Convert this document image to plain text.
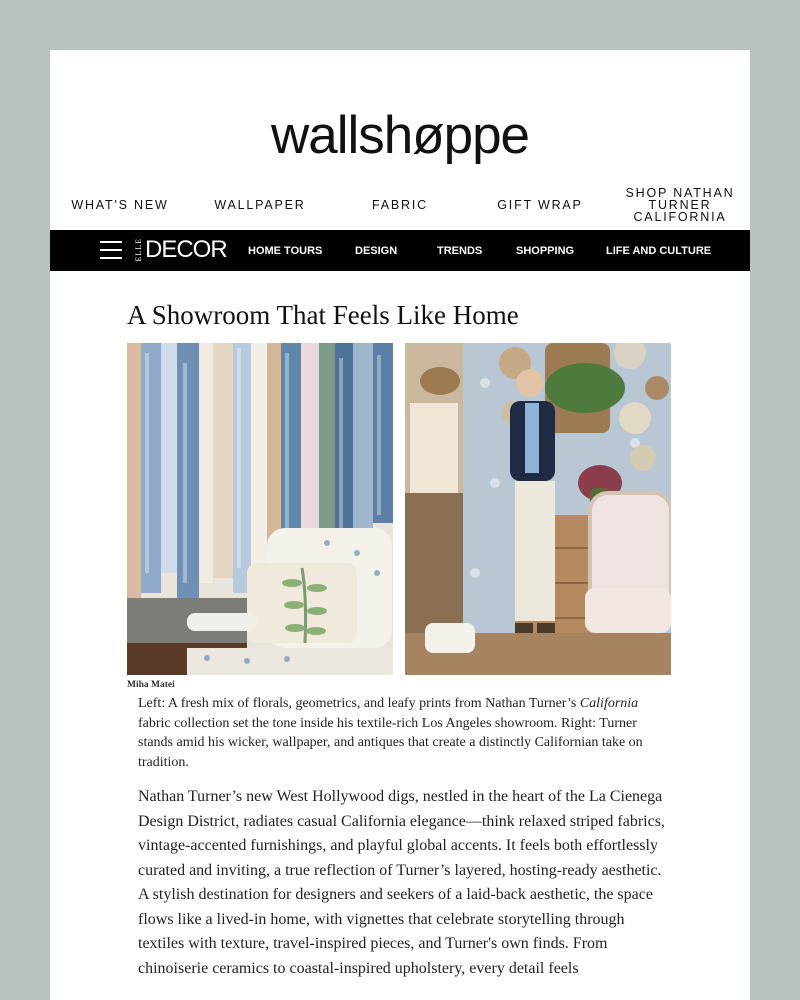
wallshøppe
WHAT'S NEW	WALLPAPER	FABRIC	GIFT WRAP
SHOP NATHAN TURNER CALIFORNIA
ELLE DECOR HOME TOURS	DESIGN	TRENDS	SHOPPING	LIFE AND CULTURE
A Showroom That Feels Like Home
Miha Matei
Left: A fresh mix of florals, geometrics, and leafy prints from Nathan Turner’s California fabric collection set the tone inside his textile-rich Los Angeles showroom. Right: Turner stands amid his wicker, wallpaper, and antiques that create a distinctly Californian take on tradition.
Nathan Turner’s new West Hollywood digs, nestled in the heart of the La Cienega Design District, radiates casual California elegance—think relaxed striped fabrics, vintage-accented furnishings, and playful global accents. It feels both effortlessly curated and inviting, a true reflection of Turner’s layered, hosting-ready aesthetic. A stylish destination for designers and seekers of a laid-back aesthetic, the space flows like a lived-in home, with vignettes that celebrate storytelling through textiles with texture, travel-inspired pieces, and Turner's own finds. From chinoiserie ceramics to coastal-inspired upholstery, every detail feels
